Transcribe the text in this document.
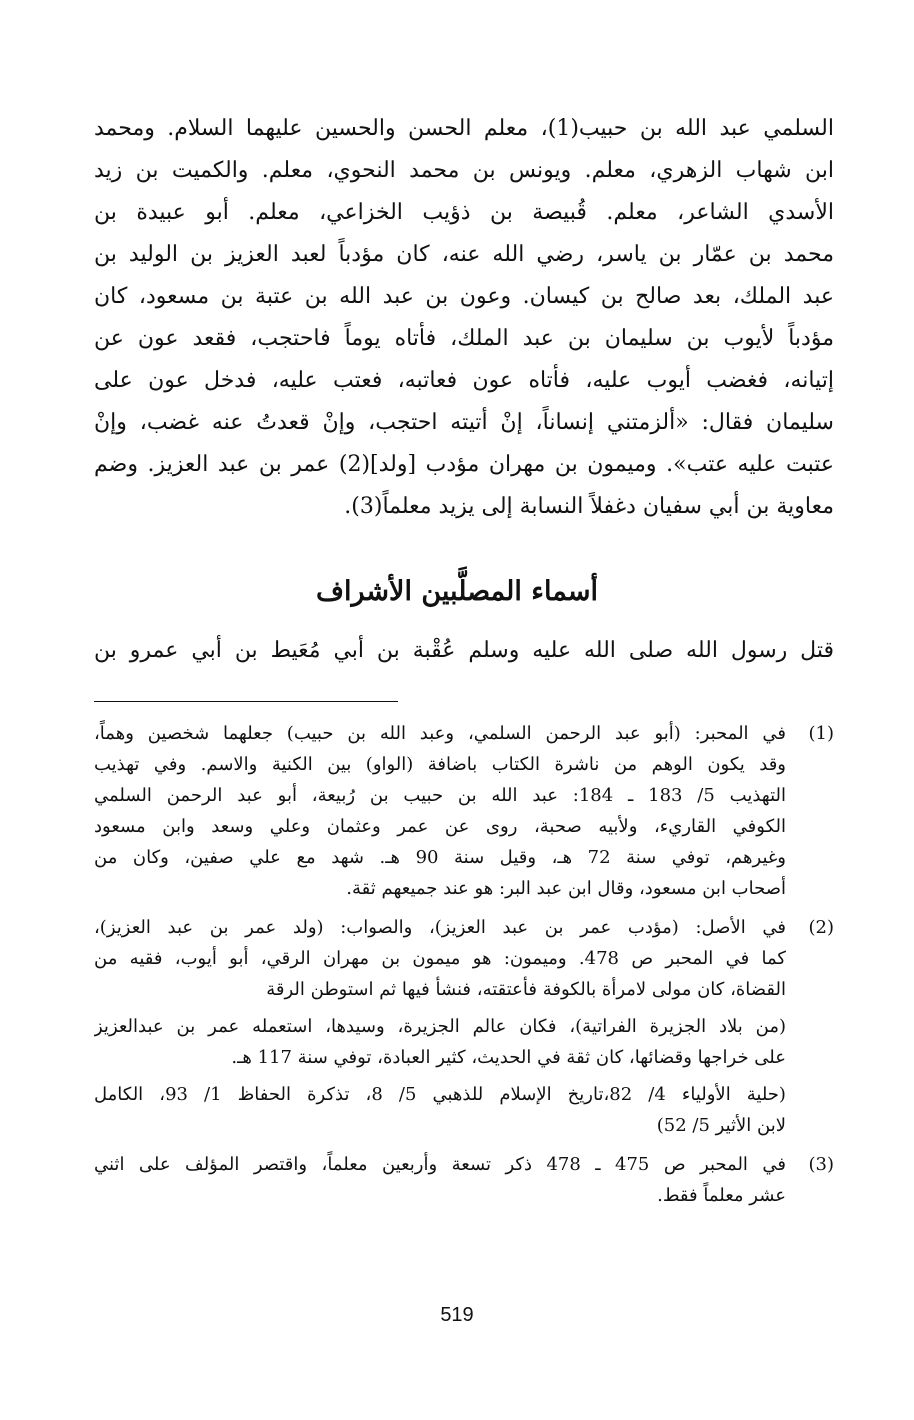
السلمي عبد الله بن حبيب(1)، معلم الحسن والحسين عليهما السلام. ومحمد
ابن شهاب الزهري، معلم. ويونس بن محمد النحوي، معلم. والكميت بن زيد
الأسدي الشاعر، معلم. قُبيصة بن ذؤيب الخزاعي، معلم. أبو عبيدة بن
محمد بن عمّار بن ياسر، رضي الله عنه، كان مؤدباً لعبد العزيز بن الوليد بن
عبد الملك، بعد صالح بن كيسان. وعون بن عبد الله بن عتبة بن مسعود، كان
مؤدباً لأيوب بن سليمان بن عبد الملك، فأتاه يوماً فاحتجب، فقعد عون عن
إتيانه، فغضب أيوب عليه، فأتاه عون فعاتبه، فعتب عليه، فدخل عون على
سليمان فقال: «ألزمتني إنساناً، إنْ أتيته احتجب، وإنْ قعدتُ عنه غضب، وإنْ
عتبت عليه عتب». وميمون بن مهران مؤدب [ولد](2) عمر بن عبد العزيز. وضم
معاوية بن أبي سفيان دغفلاً النسابة إلى يزيد معلماً(3).
أسماء المصلَّبين الأشراف
قتل رسول الله صلى الله عليه وسلم عُقْبة بن أبي مُعَيط بن أبي عمرو بن
(1)
في المحبر: (أبو عبد الرحمن السلمي، وعبد الله بن حبيب) جعلهما شخصين وهماً،
وقد يكون الوهم من ناشرة الكتاب باضافة (الواو) بين الكنية والاسم. وفي تهذيب
التهذيب 5/ 183 ـ 184: عبد الله بن حبيب بن رُبيعة، أبو عبد الرحمن السلمي
الكوفي القاريء، ولأبيه صحبة، روى عن عمر وعثمان وعلي وسعد وابن مسعود
وغيرهم، توفي سنة 72 هـ، وقيل سنة 90 هـ. شهد مع علي صفين، وكان من
أصحاب ابن مسعود، وقال ابن عبد البر: هو عند جميعهم ثقة.
(2)
في الأصل: (مؤدب عمر بن عبد العزيز)، والصواب: (ولد عمر بن عبد العزيز)،
كما في المحبر ص 478. وميمون: هو ميمون بن مهران الرقي، أبو أيوب، فقيه من
القضاة، كان مولى لامرأة بالكوفة فأعتقته، فنشأ فيها ثم استوطن الرقة
(من بلاد الجزيرة الفراتية)، فكان عالم الجزيرة، وسيدها، استعمله عمر بن عبدالعزيز
على خراجها وقضائها، كان ثقة في الحديث، كثير العبادة، توفي سنة 117 هـ.
(حلية الأولياء 4/ 82،تاريخ الإسلام للذهبي 5/ 8، تذكرة الحفاظ 1/ 93، الكامل
لابن الأثير 5/ 52)
(3)
في المحبر ص 475 ـ 478 ذكر تسعة وأربعين معلماً، واقتصر المؤلف على اثني
عشر معلماً فقط.
519
